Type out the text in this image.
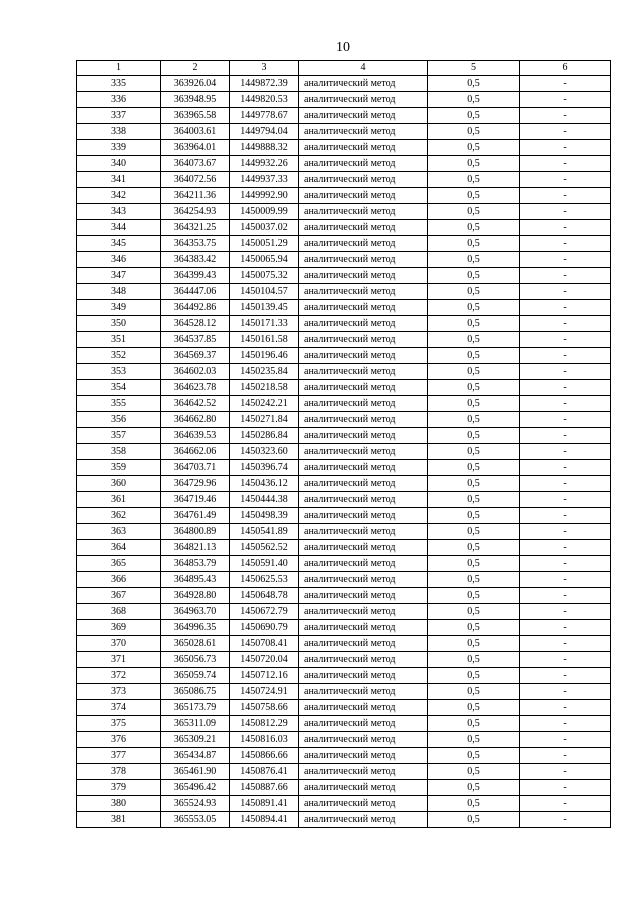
10
1	2	3	4	5	6
335	363926.04	1449872.39	аналитический метод	0,5	-
336	363948.95	1449820.53	аналитический метод	0,5	-
337	363965.58	1449778.67	аналитический метод	0,5	-
338	364003.61	1449794.04	аналитический метод	0,5	-
339	363964.01	1449888.32	аналитический метод	0,5	-
340	364073.67	1449932.26	аналитический метод	0,5	-
341	364072.56	1449937.33	аналитический метод	0,5	-
342	364211.36	1449992.90	аналитический метод	0,5	-
343	364254.93	1450009.99	аналитический метод	0,5	-
344	364321.25	1450037.02	аналитический метод	0,5	-
345	364353.75	1450051.29	аналитический метод	0,5	-
346	364383.42	1450065.94	аналитический метод	0,5	-
347	364399.43	1450075.32	аналитический метод	0,5	-
348	364447.06	1450104.57	аналитический метод	0,5	-
349	364492.86	1450139.45	аналитический метод	0,5	-
350	364528.12	1450171.33	аналитический метод	0,5	-
351	364537.85	1450161.58	аналитический метод	0,5	-
352	364569.37	1450196.46	аналитический метод	0,5	-
353	364602.03	1450235.84	аналитический метод	0,5	-
354	364623.78	1450218.58	аналитический метод	0,5	-
355	364642.52	1450242.21	аналитический метод	0,5	-
356	364662.80	1450271.84	аналитический метод	0,5	-
357	364639.53	1450286.84	аналитический метод	0,5	-
358	364662.06	1450323.60	аналитический метод	0,5	-
359	364703.71	1450396.74	аналитический метод	0,5	-
360	364729.96	1450436.12	аналитический метод	0,5	-
361	364719.46	1450444.38	аналитический метод	0,5	-
362	364761.49	1450498.39	аналитический метод	0,5	-
363	364800.89	1450541.89	аналитический метод	0,5	-
364	364821.13	1450562.52	аналитический метод	0,5	-
365	364853.79	1450591.40	аналитический метод	0,5	-
366	364895.43	1450625.53	аналитический метод	0,5	-
367	364928.80	1450648.78	аналитический метод	0,5	-
368	364963.70	1450672.79	аналитический метод	0,5	-
369	364996.35	1450690.79	аналитический метод	0,5	-
370	365028.61	1450708.41	аналитический метод	0,5	-
371	365056.73	1450720.04	аналитический метод	0,5	-
372	365059.74	1450712.16	аналитический метод	0,5	-
373	365086.75	1450724.91	аналитический метод	0,5	-
374	365173.79	1450758.66	аналитический метод	0,5	-
375	365311.09	1450812.29	аналитический метод	0,5	-
376	365309.21	1450816.03	аналитический метод	0,5	-
377	365434.87	1450866.66	аналитический метод	0,5	-
378	365461.90	1450876.41	аналитический метод	0,5	-
379	365496.42	1450887.66	аналитический метод	0,5	-
380	365524.93	1450891.41	аналитический метод	0,5	-
381	365553.05	1450894.41	аналитический метод	0,5	-
